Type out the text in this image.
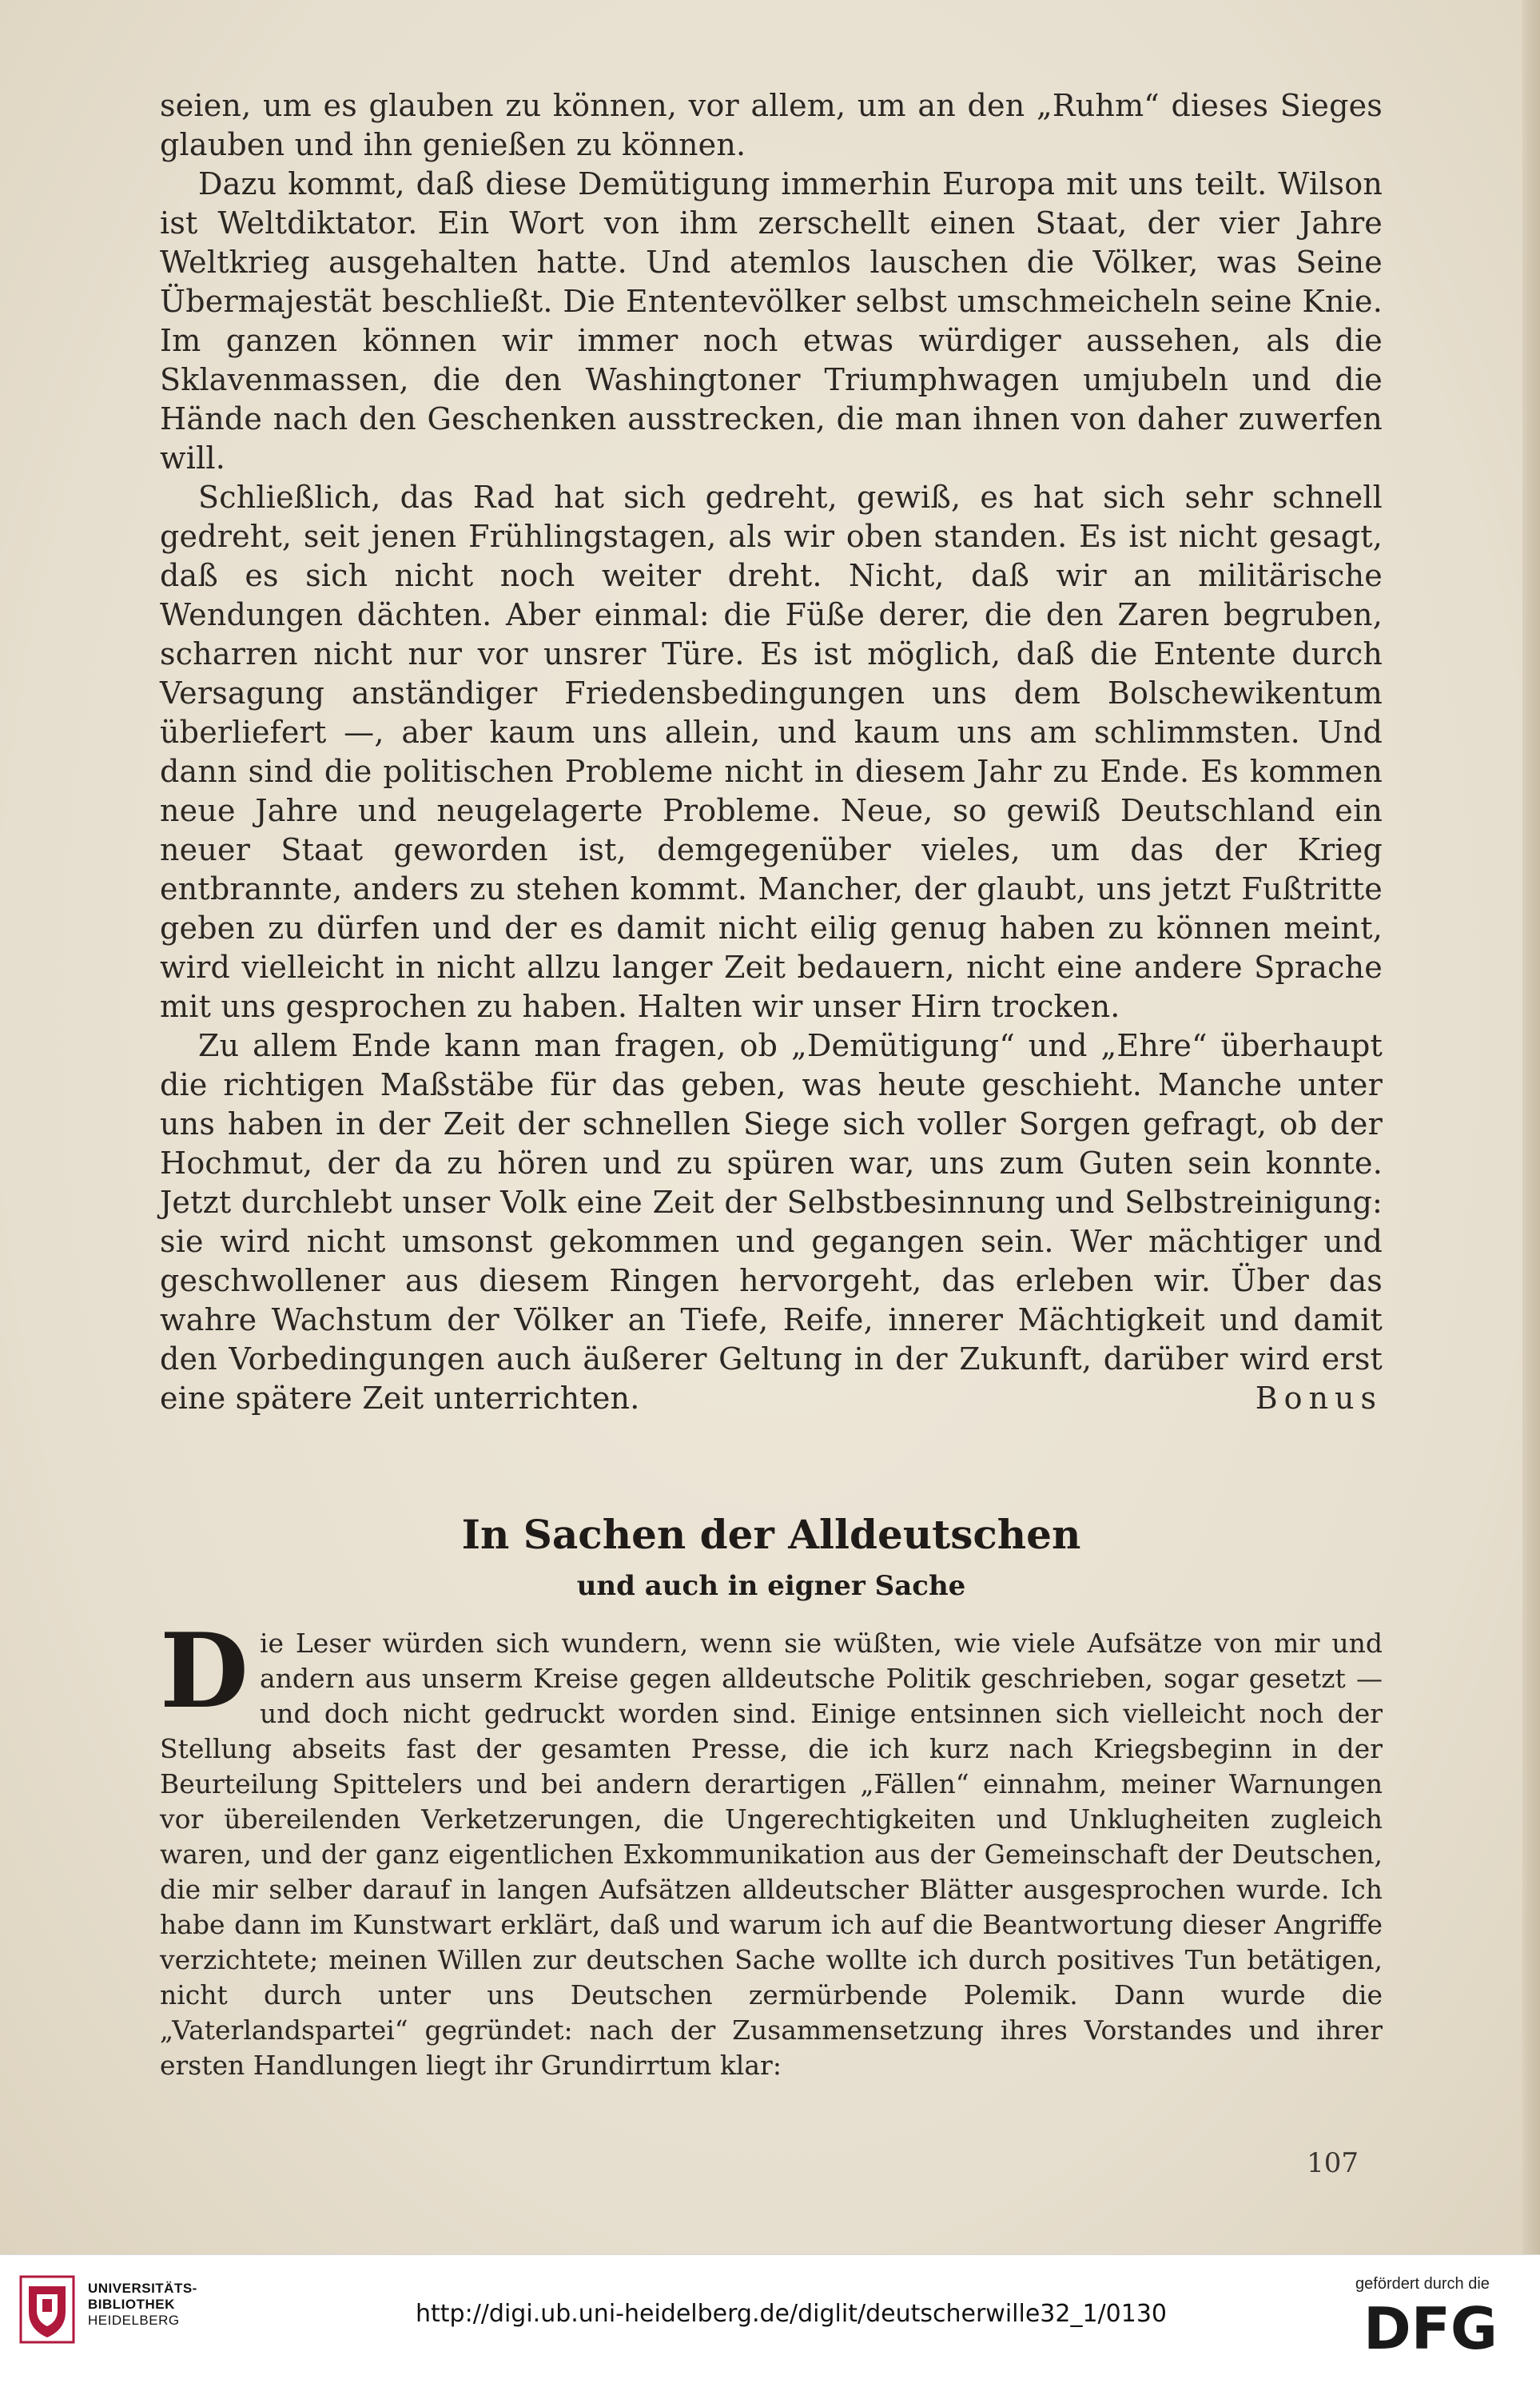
seien, um es glauben zu können, vor allem, um an den „Ruhm“ dieses Sieges glauben und ihn genießen zu können.

Dazu kommt, daß diese Demütigung immerhin Europa mit uns teilt. Wilson ist Weltdiktator. Ein Wort von ihm zerschellt einen Staat, der vier Jahre Weltkrieg ausgehalten hatte. Und atemlos lauschen die Völker, was Seine Übermajestät beschließt. Die Ententevölker selbst umschmeicheln seine Knie. Im ganzen können wir immer noch etwas würdiger aussehen, als die Sklavenmassen, die den Washingtoner Triumphwagen umjubeln und die Hände nach den Geschenken ausstrecken, die man ihnen von daher zuwerfen will.

Schließlich, das Rad hat sich gedreht, gewiß, es hat sich sehr schnell gedreht, seit jenen Frühlingstagen, als wir oben standen. Es ist nicht gesagt, daß es sich nicht noch weiter dreht. Nicht, daß wir an militärische Wendungen dächten. Aber einmal: die Füße derer, die den Zaren begruben, scharren nicht nur vor unsrer Türe. Es ist möglich, daß die Entente durch Versagung anständiger Friedensbedingungen uns dem Bolschewikentum überliefert —, aber kaum uns allein, und kaum uns am schlimmsten. Und dann sind die politischen Probleme nicht in diesem Jahr zu Ende. Es kommen neue Jahre und neugelagerte Probleme. Neue, so gewiß Deutschland ein neuer Staat geworden ist, demgegenüber vieles, um das der Krieg entbrannte, anders zu stehen kommt. Mancher, der glaubt, uns jetzt Fußtritte geben zu dürfen und der es damit nicht eilig genug haben zu können meint, wird vielleicht in nicht allzu langer Zeit bedauern, nicht eine andere Sprache mit uns gesprochen zu haben. Halten wir unser Hirn trocken.

Zu allem Ende kann man fragen, ob „Demütigung“ und „Ehre“ überhaupt die richtigen Maßstäbe für das geben, was heute geschieht. Manche unter uns haben in der Zeit der schnellen Siege sich voller Sorgen gefragt, ob der Hochmut, der da zu hören und zu spüren war, uns zum Guten sein konnte. Jetzt durchlebt unser Volk eine Zeit der Selbstbesinnung und Selbstreinigung: sie wird nicht umsonst gekommen und gegangen sein. Wer mächtiger und geschwollener aus diesem Ringen hervorgeht, das erleben wir. Über das wahre Wachstum der Völker an Tiefe, Reife, innerer Mächtigkeit und damit den Vorbedingungen auch äußerer Geltung in der Zukunft, darüber wird erst eine spätere Zeit unterrichten.	Bonus

In Sachen der Alldeutschen
und auch in eigner Sache

D ie Leser würden sich wundern, wenn sie wüßten, wie viele Aufsätze von mir und andern aus unserm Kreise gegen alldeutsche Politik geschrieben, sogar gesetzt — und doch nicht gedruckt worden sind. Einige entsinnen sich vielleicht noch der Stellung abseits fast der gesamten Presse, die ich kurz nach Kriegsbeginn in der Beurteilung Spittelers und bei andern derartigen „Fällen“ einnahm, meiner Warnungen vor übereilenden Verketzerungen, die Ungerechtigkeiten und Unklugheiten zugleich waren, und der ganz eigentlichen Exkommunikation aus der Gemeinschaft der Deutschen, die mir selber darauf in langen Aufsätzen alldeutscher Blätter ausgesprochen wurde. Ich habe dann im Kunstwart erklärt, daß und warum ich auf die Beantwortung dieser Angriffe verzichtete; meinen Willen zur deutschen Sache wollte ich durch positives Tun betätigen, nicht durch unter uns Deutschen zermürbende Polemik. Dann wurde die „Vaterlandspartei“ gegründet: nach der Zusammensetzung ihres Vorstandes und ihrer ersten Handlungen liegt ihr Grundirrtum klar:

107
UNIVERSITÄTS-
BIBLIOTHEK
HEIDELBERG	http://digi.ub.uni-heidelberg.de/diglit/deutscherwille32_1/0130
gefördert durch die
DFG
